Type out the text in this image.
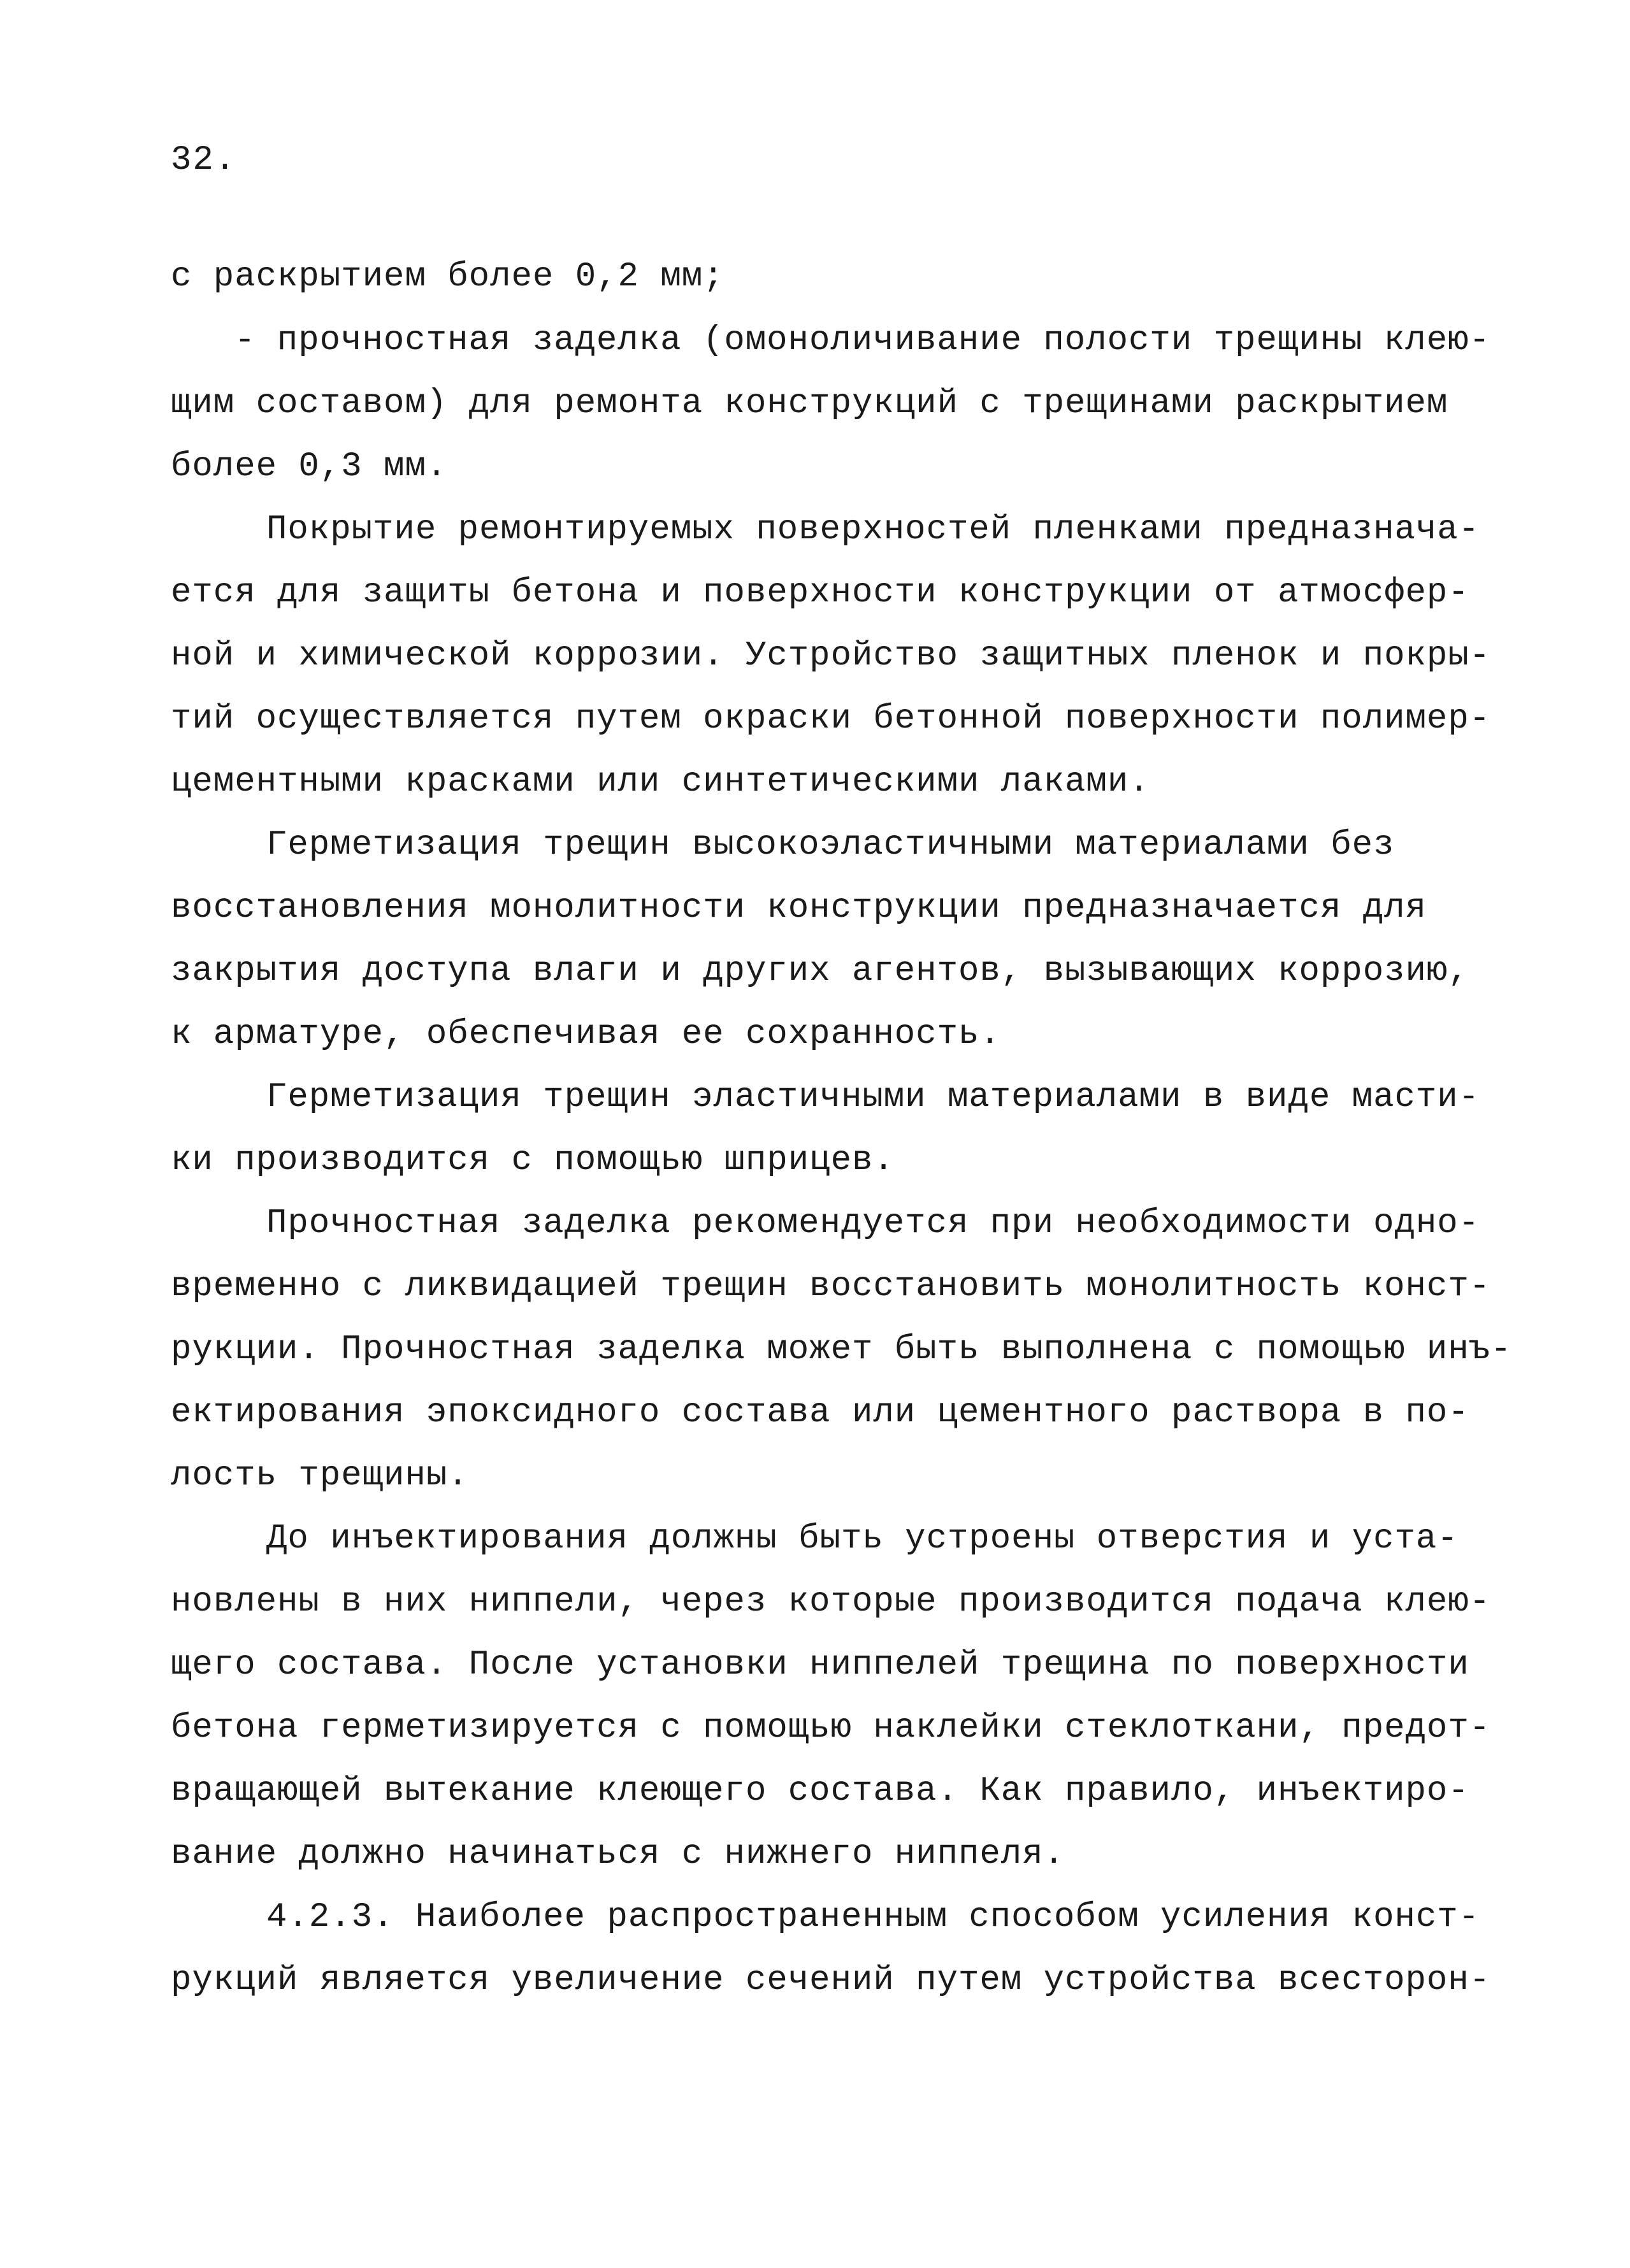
32.
с раскрытием более 0,2 мм;
- прочностная заделка (омоноличивание полости трещины клею-
щим составом) для ремонта конструкций с трещинами раскрытием
более 0,3 мм.
Покрытие ремонтируемых поверхностей пленками предназнача-
ется для защиты бетона и поверхности конструкции от атмосфер-
ной и химической коррозии. Устройство защитных пленок и покры-
тий осуществляется путем окраски бетонной поверхности полимер-
цементными красками или синтетическими лаками.
Герметизация трещин высокоэластичными материалами без
восстановления монолитности конструкции предназначается для
закрытия доступа влаги и других агентов, вызывающих коррозию,
к арматуре, обеспечивая ее сохранность.
Герметизация трещин эластичными материалами в виде масти-
ки производится с помощью шприцев.
Прочностная заделка рекомендуется при необходимости одно-
временно с ликвидацией трещин восстановить монолитность конст-
рукции. Прочностная заделка может быть выполнена с помощью инъ-
ектирования эпоксидного состава или цементного раствора в по-
лость трещины.
До инъектирования должны быть устроены отверстия и уста-
новлены в них ниппели, через которые производится подача клею-
щего состава. После установки ниппелей трещина по поверхности
бетона герметизируется с помощью наклейки стеклоткани, предот-
вращающей вытекание клеющего состава. Как правило, инъектиро-
вание должно начинаться с нижнего ниппеля.
4.2.3. Наиболее распространенным способом усиления конст-
рукций является увеличение сечений путем устройства всесторон-
